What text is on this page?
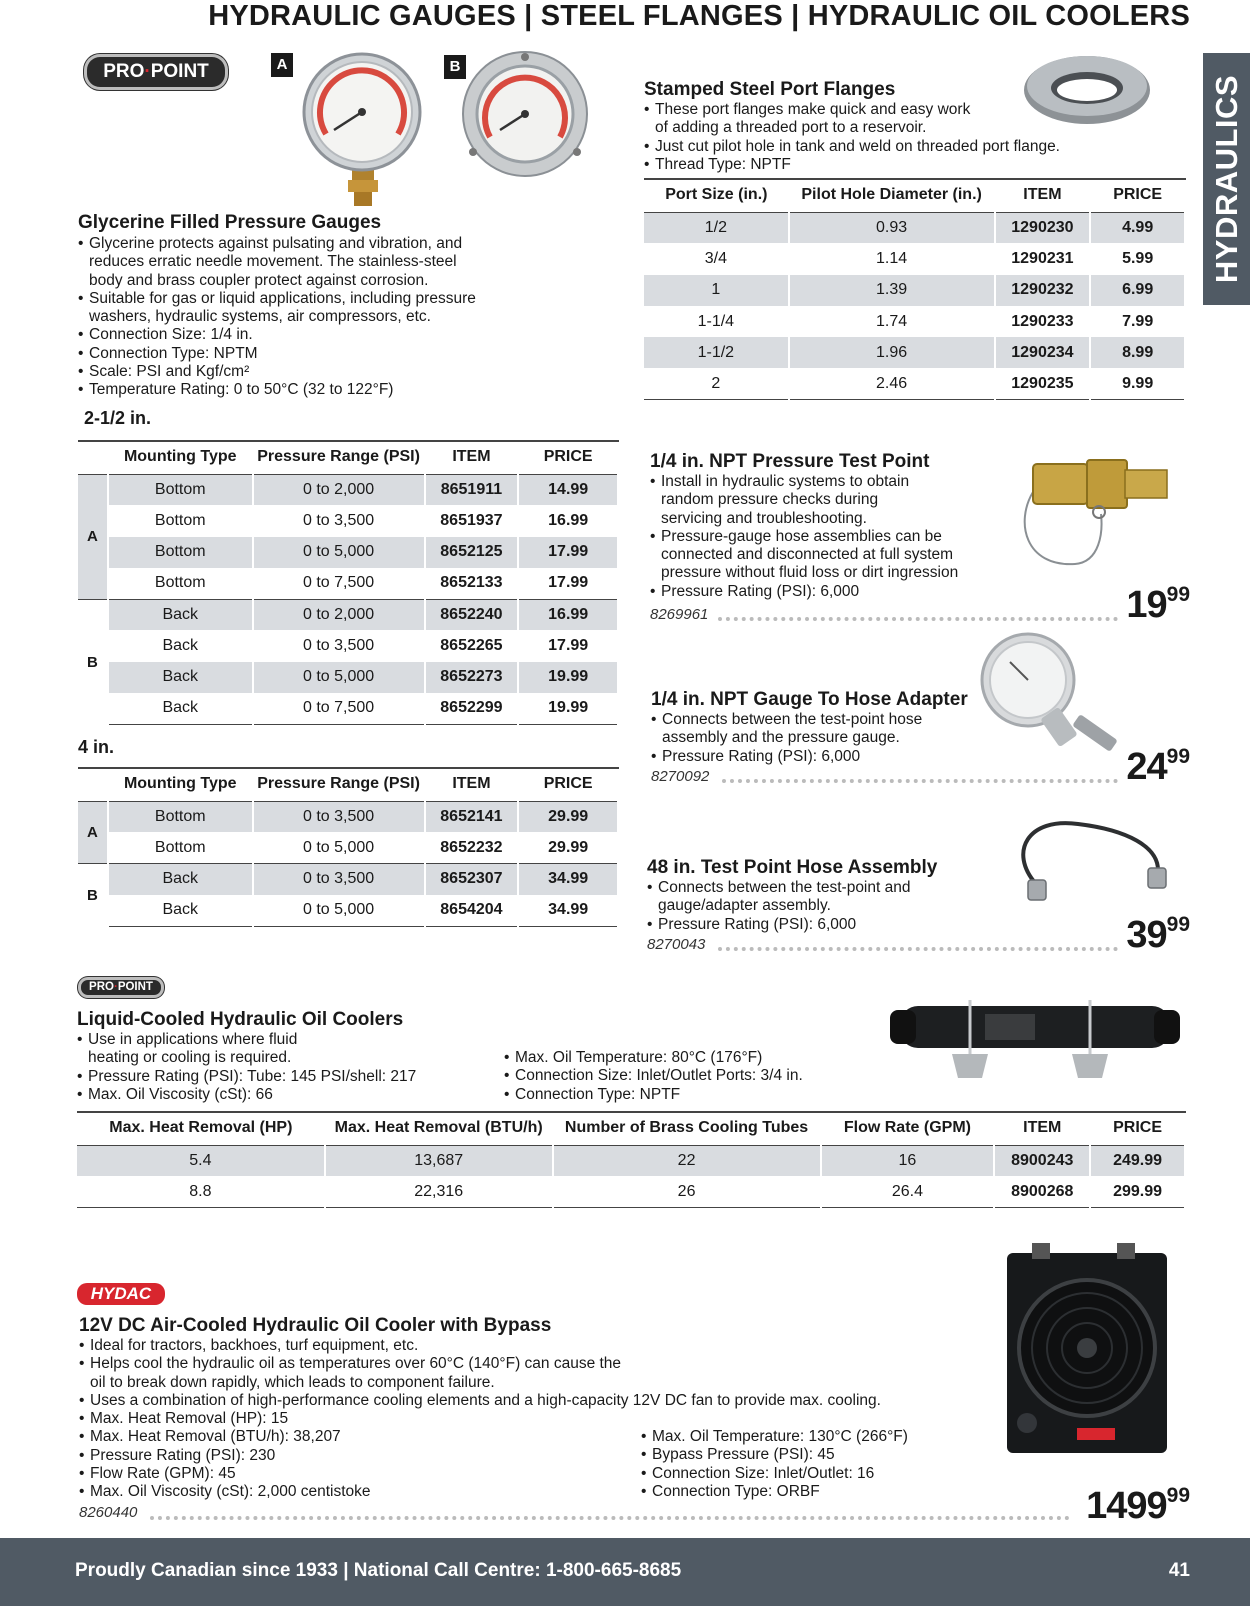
HYDRAULIC GAUGES | STEEL FLANGES | HYDRAULIC OIL COOLERS
HYDRAULICS
PRO·POINT	A	B
Glycerine Filled Pressure Gauges
• Glycerine protects against pulsating and vibration, and
reduces erratic needle movement. The stainless-steel
body and brass coupler protect against corrosion.
• Suitable for gas or liquid applications, including pressure
washers, hydraulic systems, air compressors, etc.
• Connection Size: 1/4 in.
• Connection Type: NPTM
• Scale: PSI and Kgf/cm²
• Temperature Rating: 0 to 50°C (32 to 122°F)
2-1/2 in.
	Mounting Type	Pressure Range (PSI)	ITEM	PRICE
A	Bottom	0 to 2,000	8651911	14.99
	Bottom	0 to 3,500	8651937	16.99
	Bottom	0 to 5,000	8652125	17.99
	Bottom	0 to 7,500	8652133	17.99
B	Back	0 to 2,000	8652240	16.99
	Back	0 to 3,500	8652265	17.99
	Back	0 to 5,000	8652273	19.99
	Back	0 to 7,500	8652299	19.99
4 in.
	Mounting Type	Pressure Range (PSI)	ITEM	PRICE
A	Bottom	0 to 3,500	8652141	29.99
	Bottom	0 to 5,000	8652232	29.99
B	Back	0 to 3,500	8652307	34.99
	Back	0 to 5,000	8654204	34.99
Stamped Steel Port Flanges
• These port flanges make quick and easy work
of adding a threaded port to a reservoir.
• Just cut pilot hole in tank and weld on threaded port flange.
• Thread Type: NPTF
Port Size (in.)	Pilot Hole Diameter (in.)	ITEM	PRICE
1/2	0.93	1290230	4.99
3/4	1.14	1290231	5.99
1	1.39	1290232	6.99
1-1/4	1.74	1290233	7.99
1-1/2	1.96	1290234	8.99
2	2.46	1290235	9.99
1/4 in. NPT Pressure Test Point
• Install in hydraulic systems to obtain
random pressure checks during
servicing and troubleshooting.
• Pressure-gauge hose assemblies can be
connected and disconnected at full system
pressure without fluid loss or dirt ingression
• Pressure Rating (PSI): 6,000
8269961	$19^{99}$
1/4 in. NPT Gauge To Hose Adapter
• Connects between the test-point hose
assembly and the pressure gauge.
• Pressure Rating (PSI): 6,000
8270092	$24^{99}$
48 in. Test Point Hose Assembly
• Connects between the test-point and
gauge/adapter assembly.
• Pressure Rating (PSI): 6,000
8270043	$39^{99}$
PRO·POINT
Liquid-Cooled Hydraulic Oil Coolers
• Use in applications where fluid
heating or cooling is required.
• Pressure Rating (PSI): Tube: 145 PSI/shell: 217
• Max. Oil Viscosity (cSt): 66
• Max. Oil Temperature: 80°C (176°F)
• Connection Size: Inlet/Outlet Ports: 3/4 in.
• Connection Type: NPTF
Max. Heat Removal (HP)	Max. Heat Removal (BTU/h)	Number of Brass Cooling Tubes	Flow Rate (GPM)	ITEM	PRICE
5.4	13,687	22	16	8900243	249.99
8.8	22,316	26	26.4	8900268	299.99
HYDAC
12V DC Air-Cooled Hydraulic Oil Cooler with Bypass
• Ideal for tractors, backhoes, turf equipment, etc.
• Helps cool the hydraulic oil as temperatures over 60°C (140°F) can cause the
oil to break down rapidly, which leads to component failure.
• Uses a combination of high-performance cooling elements and a high-capacity 12V DC fan to provide max. cooling.
• Max. Heat Removal (HP): 15
• Max. Heat Removal (BTU/h): 38,207
• Pressure Rating (PSI): 230
• Flow Rate (GPM): 45
• Max. Oil Viscosity (cSt): 2,000 centistoke
• Max. Oil Temperature: 130°C (266°F)
• Bypass Pressure (PSI): 45
• Connection Size: Inlet/Outlet: 16
• Connection Type: ORBF
8260440	1499$^{99}$
Proudly Canadian since 1933 | National Call Centre: 1-800-665-8685	41
